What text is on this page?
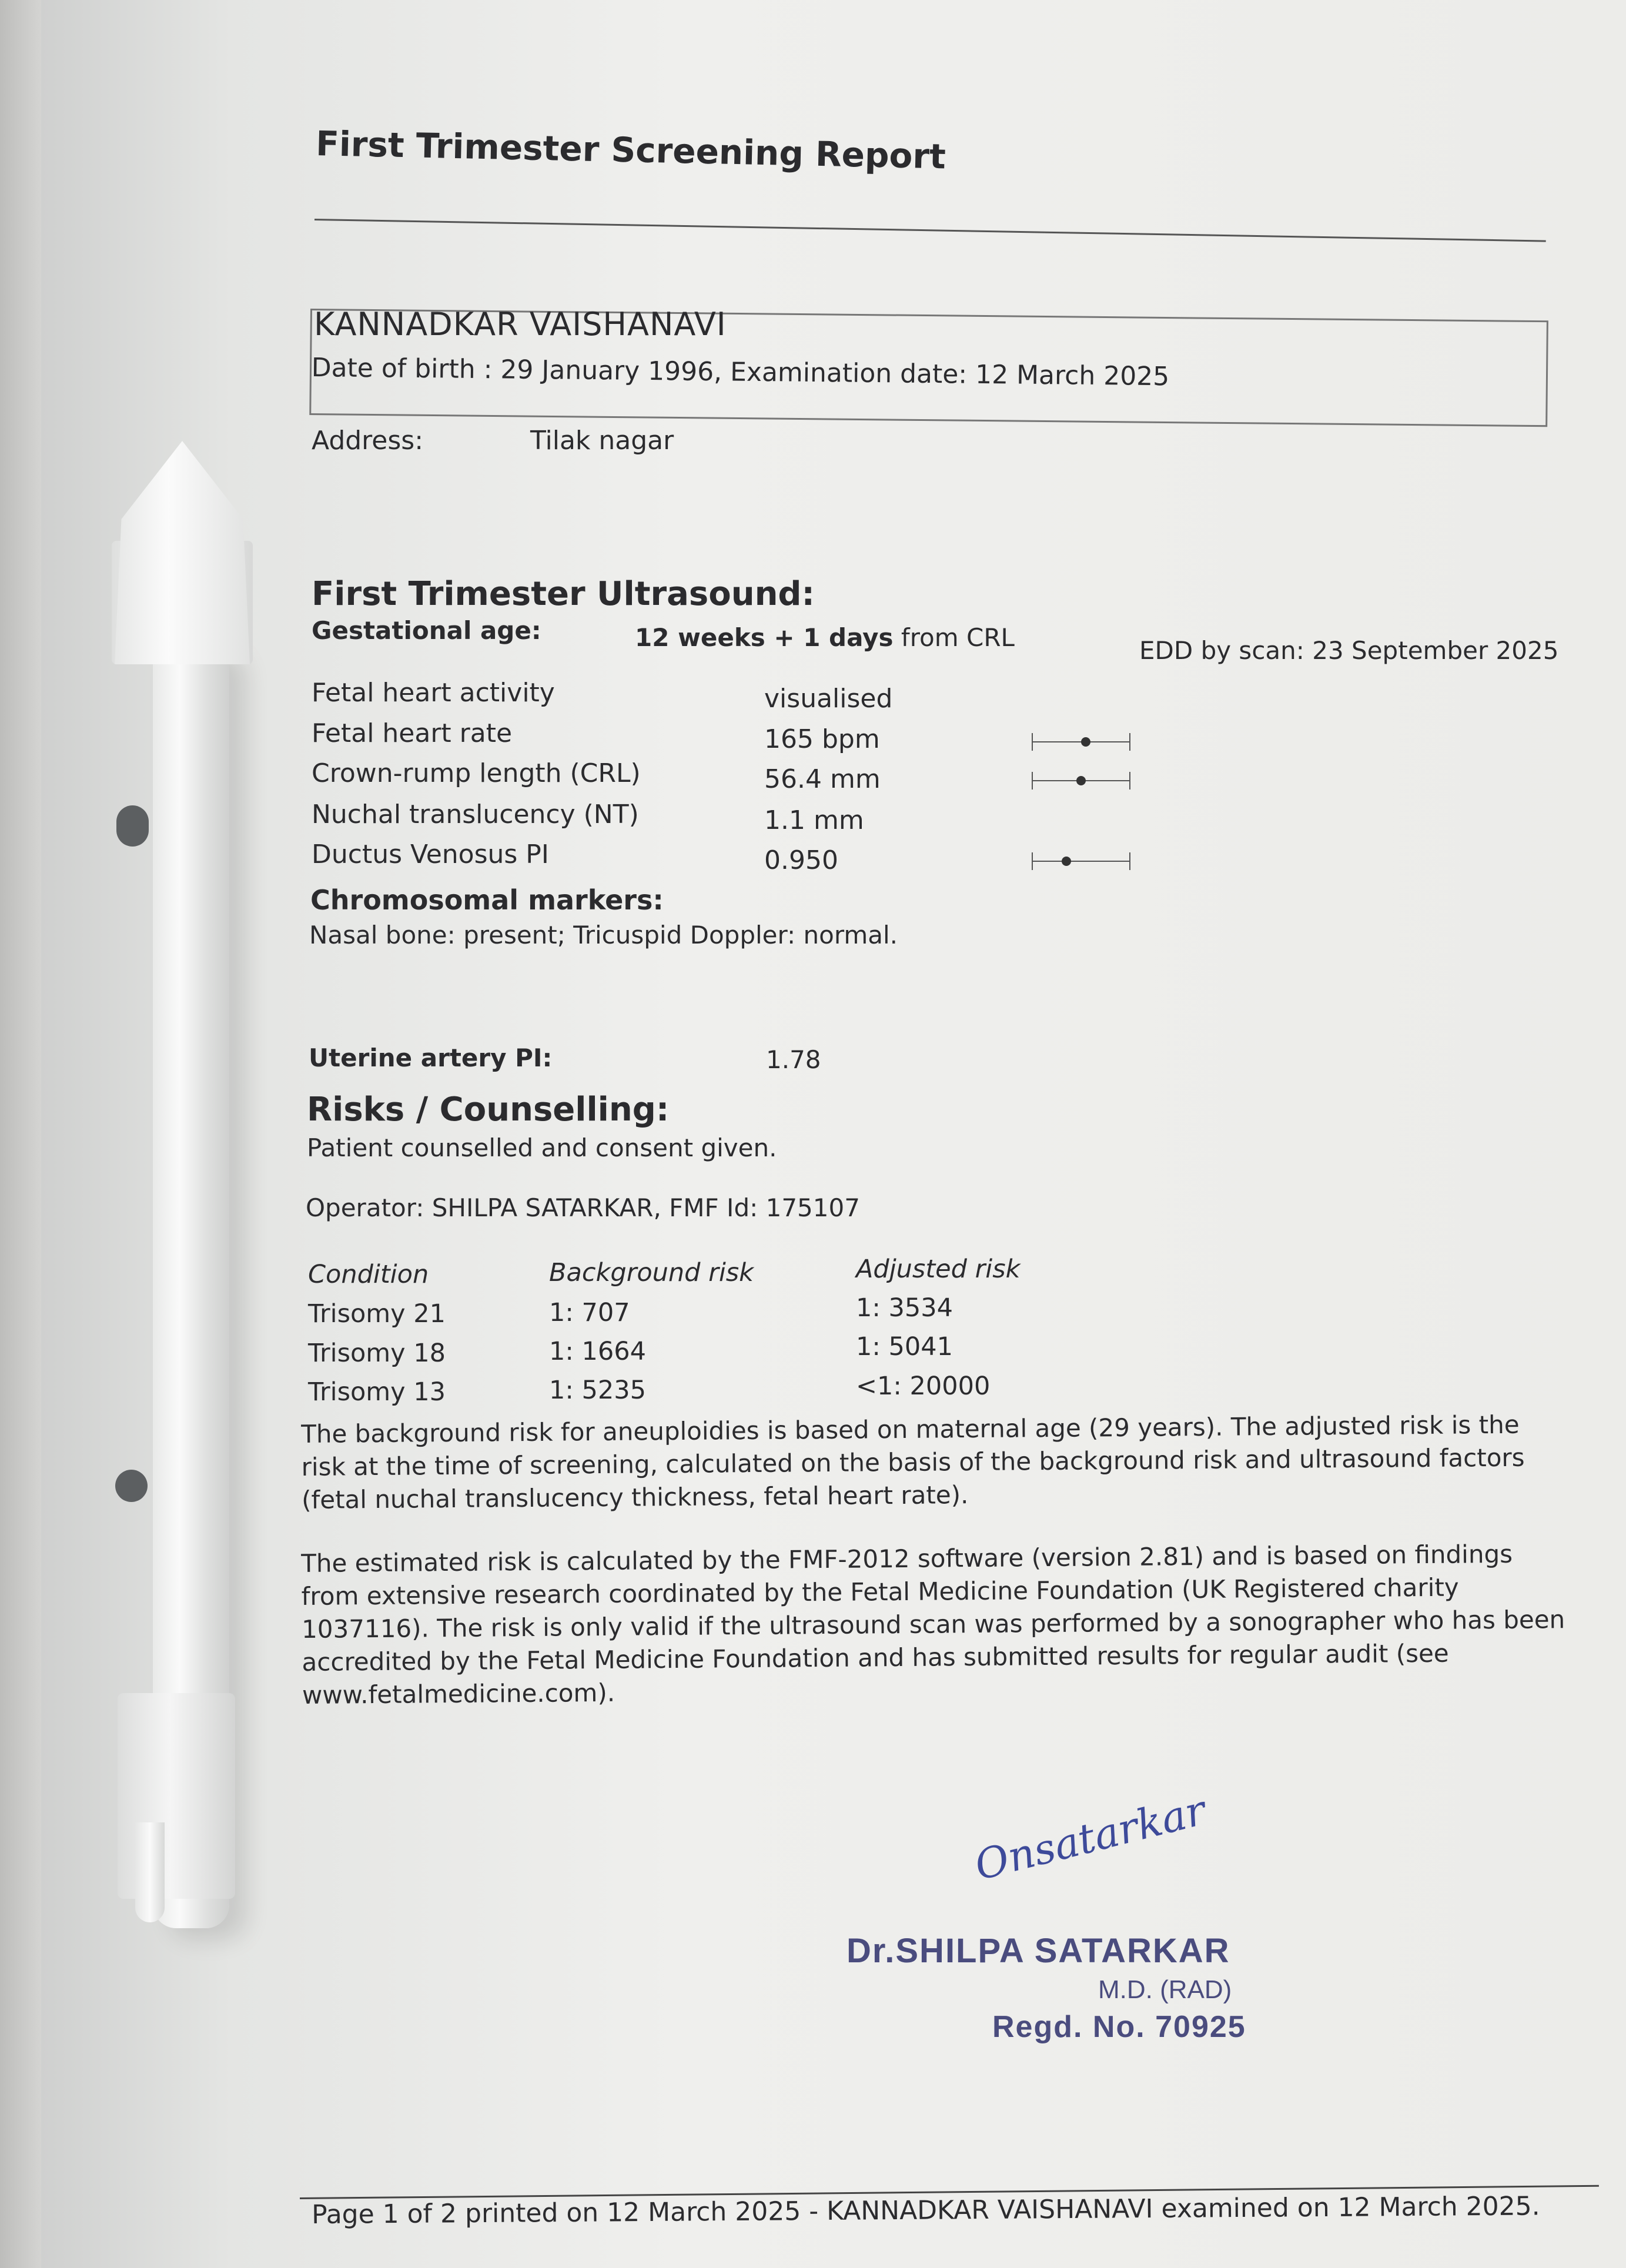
First Trimester Screening Report
KANNADKAR VAISHANAVI
Date of birth : 29 January 1996, Examination date: 12 March 2025
Address:	Tilak nagar
First Trimester Ultrasound:
Gestational age:	12 weeks + 1 days from CRL	EDD by scan: 23 September 2025
Fetal heart activity	visualised
Fetal heart rate	165 bpm
Crown-rump length (CRL)	56.4 mm
Nuchal translucency (NT)	1.1 mm
Ductus Venosus PI	0.950
Chromosomal markers:
Nasal bone: present; Tricuspid Doppler: normal.
Uterine artery PI:	1.78
Risks / Counselling:
Patient counselled and consent given.
Operator: SHILPA SATARKAR, FMF Id: 175107
Condition	Background risk	Adjusted risk
Trisomy 21	1: 707	1: 3534
Trisomy 18	1: 1664	1: 5041
Trisomy 13	1: 5235	<1: 20000
The background risk for aneuploidies is based on maternal age (29 years). The adjusted risk is the risk at the time of screening, calculated on the basis of the background risk and ultrasound factors (fetal nuchal translucency thickness, fetal heart rate).
The estimated risk is calculated by the FMF-2012 software (version 2.81) and is based on findings from extensive research coordinated by the Fetal Medicine Foundation (UK Registered charity 1037116). The risk is only valid if the ultrasound scan was performed by a sonographer who has been accredited by the Fetal Medicine Foundation and has submitted results for regular audit (see www.fetalmedicine.com).
Onsatarkar
Dr.SHILPA SATARKAR
M.D. (RAD)
Regd. No. 70925
Page 1 of 2 printed on 12 March 2025 - KANNADKAR VAISHANAVI examined on 12 March 2025.
